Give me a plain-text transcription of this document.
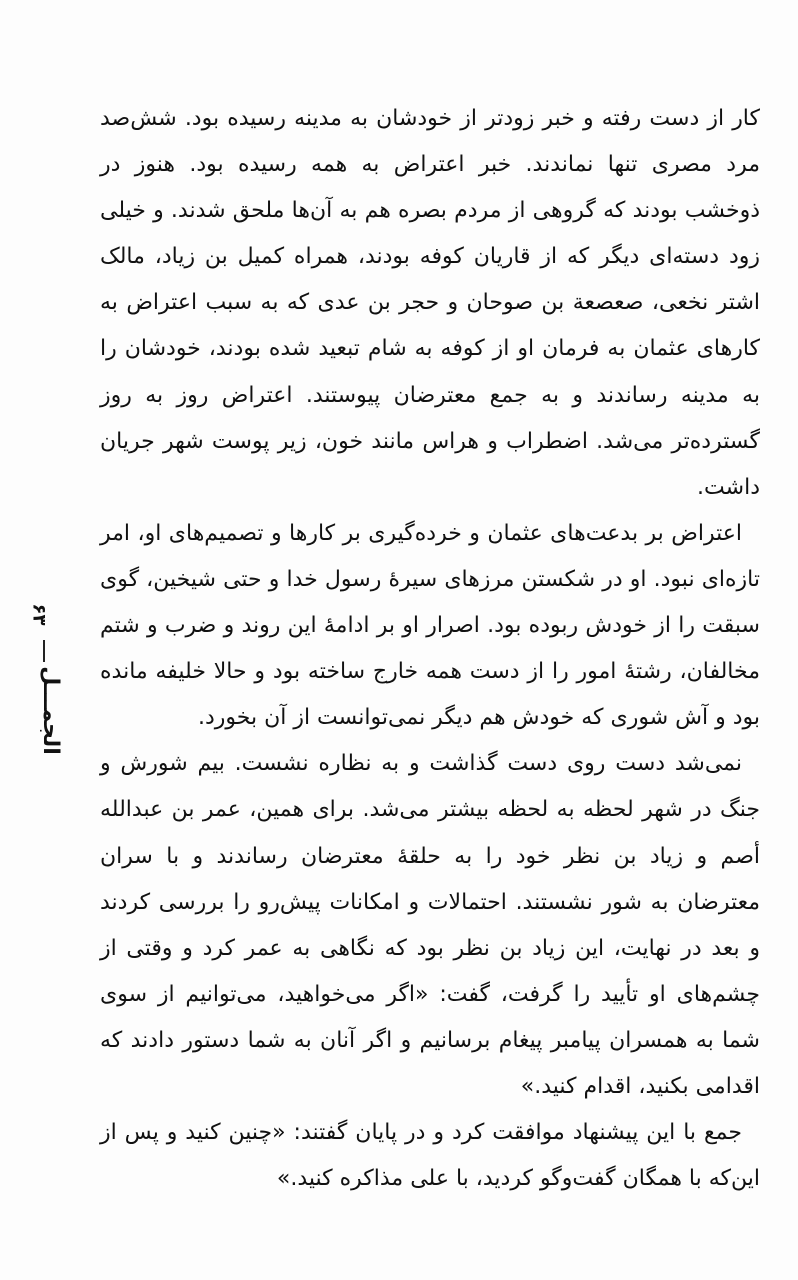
کار از دست رفته و خبر زودتر از خودشان به مدینه رسیده بود. شش‌صد مرد مصری تنها نماندند. خبر اعتراض به همه رسیده بود. هنوز در ذوخشب بودند که گروهی از مردم بصره هم به آن‌ها ملحق شدند. و خیلی زود دسته‌ای دیگر که از قاریان کوفه بودند، همراه کمیل بن زیاد، مالک اشتر نخعی، صعصعة بن صوحان و حجر بن عدی که به سبب اعتراض به کارهای عثمان به فرمان او از کوفه به شام تبعید شده بودند، خودشان را به مدینه رساندند و به جمع معترضان پیوستند. اعتراض روز به روز گسترده‌تر می‌شد. اضطراب و هراس مانند خون، زیر پوست شهر جریان داشت.

اعتراض بر بدعت‌های عثمان و خرده‌گیری بر کارها و تصمیم‌های او، امر تازه‌ای نبود. او در شکستن مرزهای سیرهٔ رسول خدا و حتی شیخین، گوی سبقت را از خودش ربوده بود. اصرار او بر ادامهٔ این روند و ضرب و شتم مخالفان، رشتهٔ امور را از دست همه خارج ساخته بود و حالا خلیفه مانده بود و آش شوری که خودش هم دیگر نمی‌توانست از آن بخورد.

نمی‌شد دست روی دست گذاشت و به نظاره نشست. بیم شورش و جنگ در شهر لحظه به لحظه بیشتر می‌شد. برای همین، عمر بن عبدالله أصم و زیاد بن نظر خود را به حلقهٔ معترضان رساندند و با سران معترضان به شور نشستند. احتمالات و امکانات پیش‌رو را بررسی کردند و بعد در نهایت، این زیاد بن نظر بود که نگاهی به عمر کرد و وقتی از چشم‌های او تأیید را گرفت، گفت: «اگر می‌خواهید، می‌توانیم از سوی شما به همسران پیامبر پیغام برسانیم و اگر آنان به شما دستور دادند که اقدامی بکنید، اقدام کنید.»

جمع با این پیشنهاد موافقت کرد و در پایان گفتند: «چنین کنید و پس از این‌که با همگان گفت‌وگو کردید، با علی مذاکره کنید.»

۶۳
الجمـــل
